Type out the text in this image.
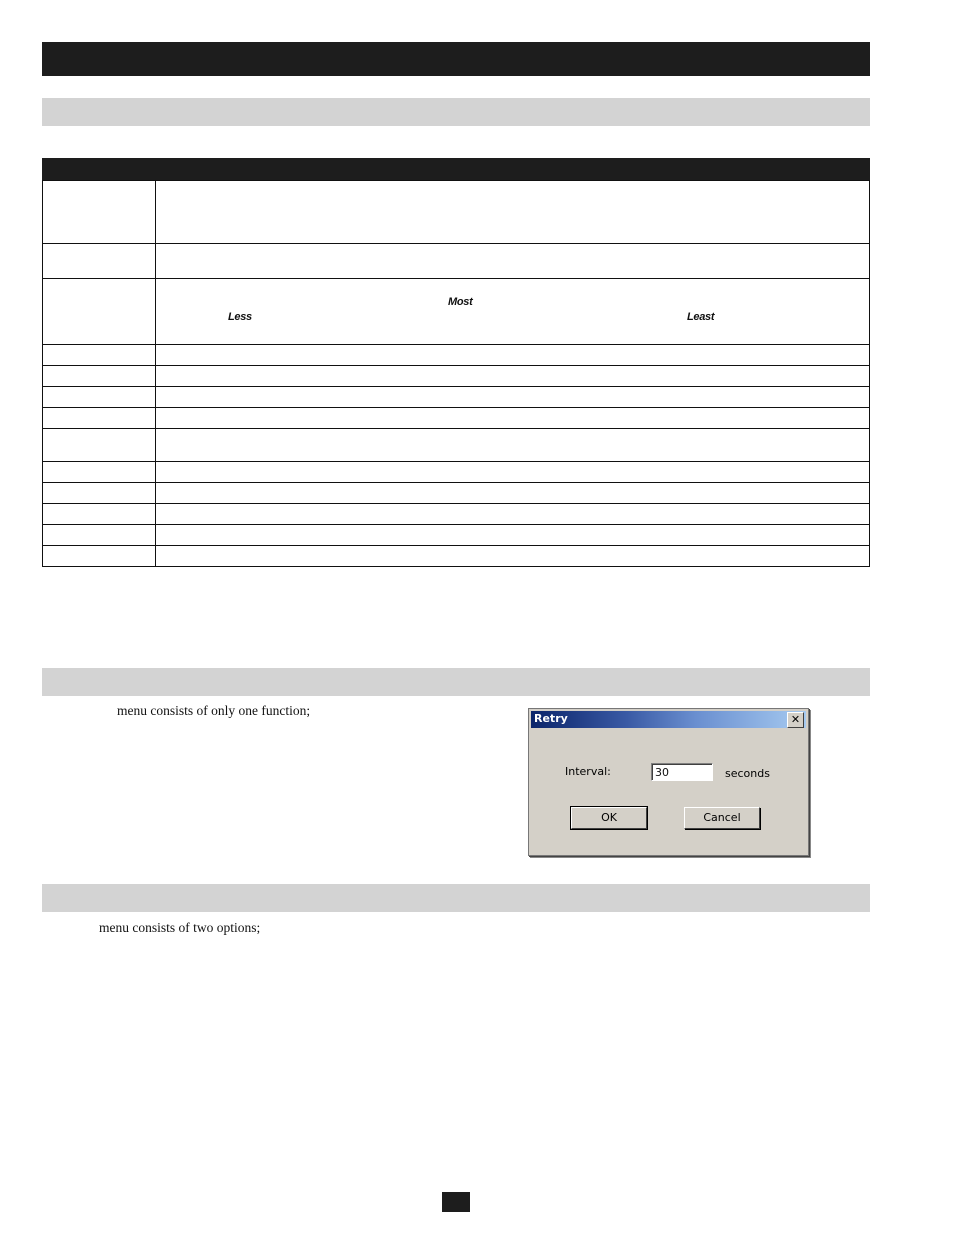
	Most
Less Least

menu consists of only one function;
Retry	✕
Interval:	30	seconds
OK	Cancel
menu consists of two options;
